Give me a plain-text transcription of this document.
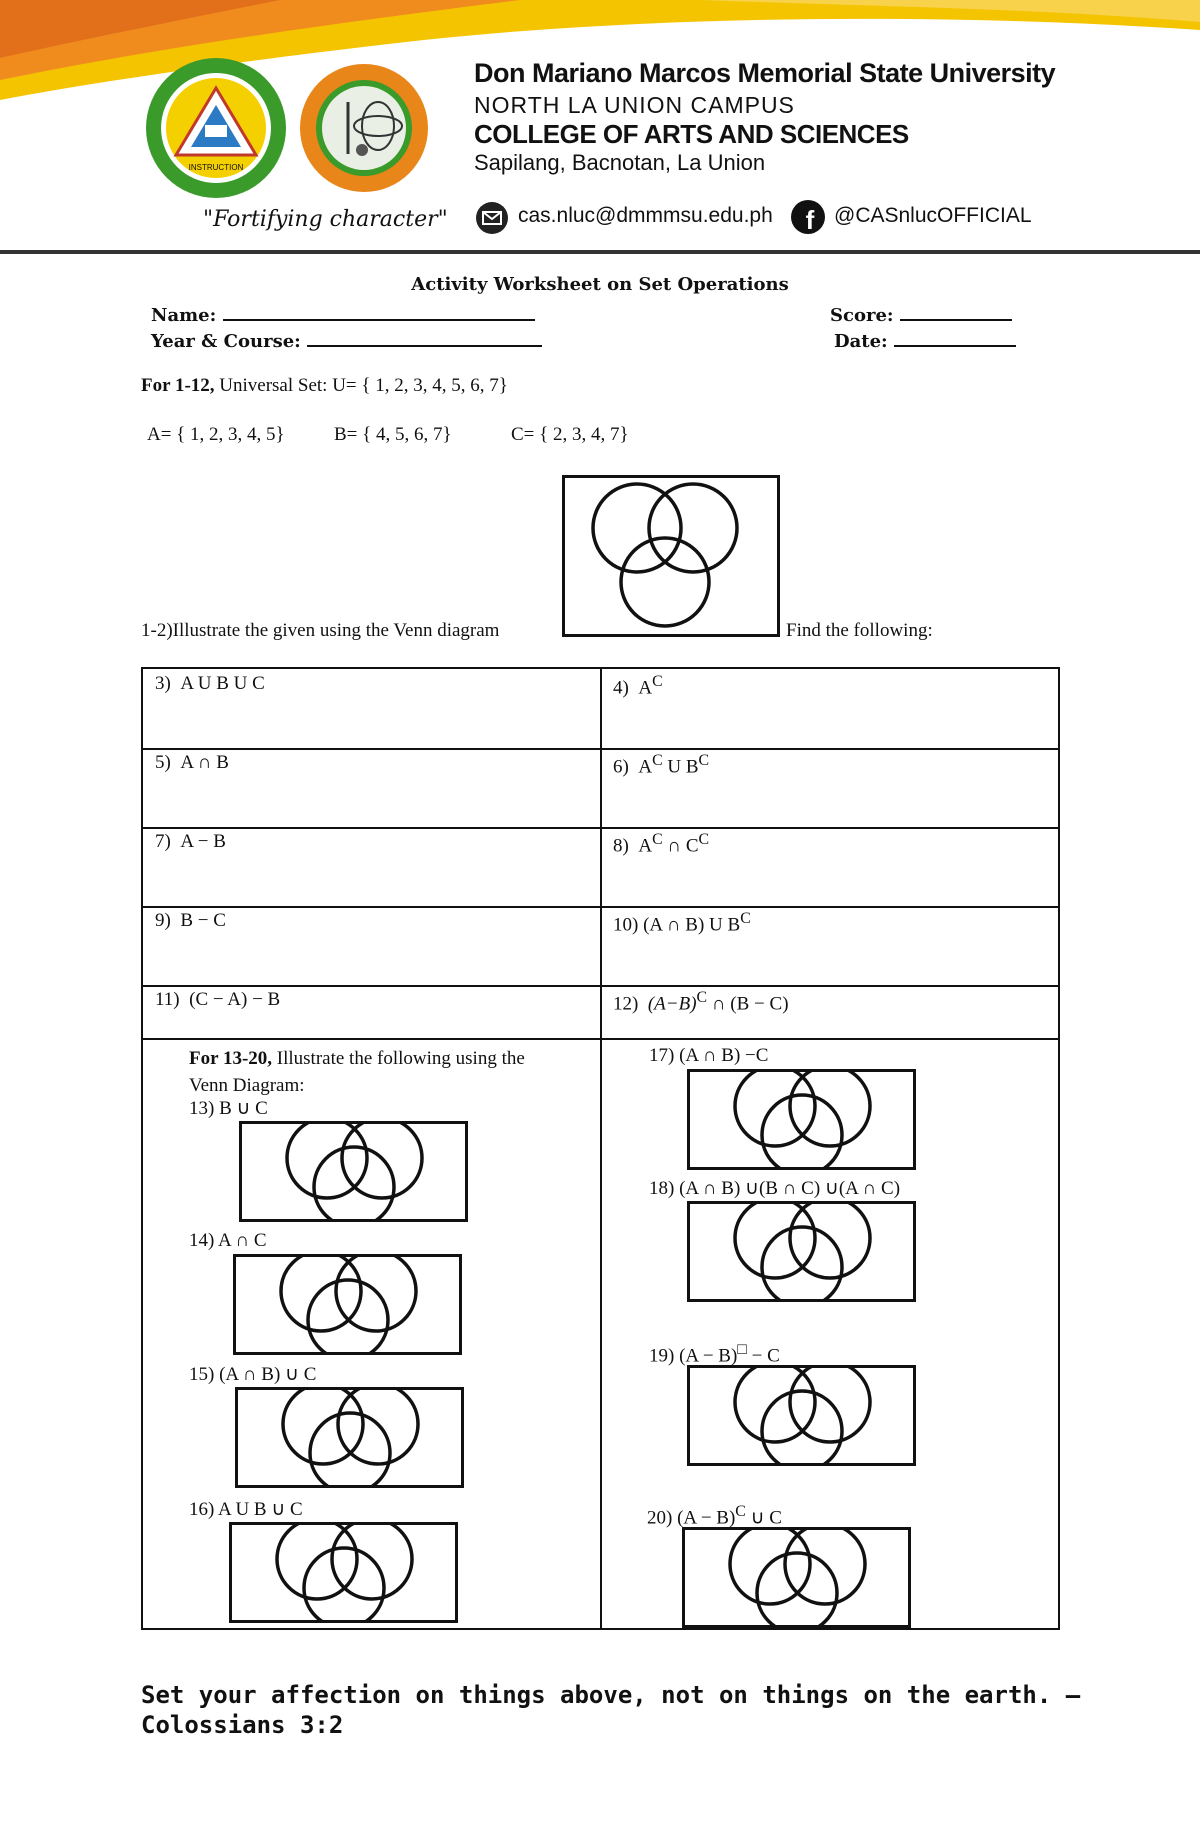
INSTRUCTION
Don Mariano Marcos Memorial State University
NORTH LA UNION CAMPUS
COLLEGE OF ARTS AND SCIENCES
Sapilang, Bacnotan, La Union
"Fortifying character"	cas.nluc@dmmmsu.edu.ph f @CASnlucOFFICIAL
Activity Worksheet on Set Operations
Name:
Year & Course:
Score:
Date:
For 1-12, Universal Set: U= { 1, 2, 3, 4, 5, 6, 7}
A= { 1, 2, 3, 4, 5}	B= { 4, 5, 6, 7}	C= { 2, 3, 4, 7}
1-2)Illustrate the given using the Venn diagram	Find the following:
3) A U B U C	4) $A^C$
5) A ∩ B	6) $A^C$ U $B^C$
7) A − B	8) $A^C$ ∩ $C^C$
9) B − C	10) (A ∩ B) U $B^C$
11) (C − A) − B	12) $(A-B)^C$ ∩ (B − C)
For 13-20, Illustrate the following using the
Venn Diagram:
13) B ∪ C
14) A ∩ C
15) (A ∩ B) ∪ C
16) A U B ∪ C
17) (A ∩ B) −C
18) (A ∩ B) ∪(B ∩ C) ∪(A ∩ C)
19) (A − B)□ − C
20) $(A - B)^C$ ∪ C
Set your affection on things above, not on things on the earth. –
Colossians 3:2
